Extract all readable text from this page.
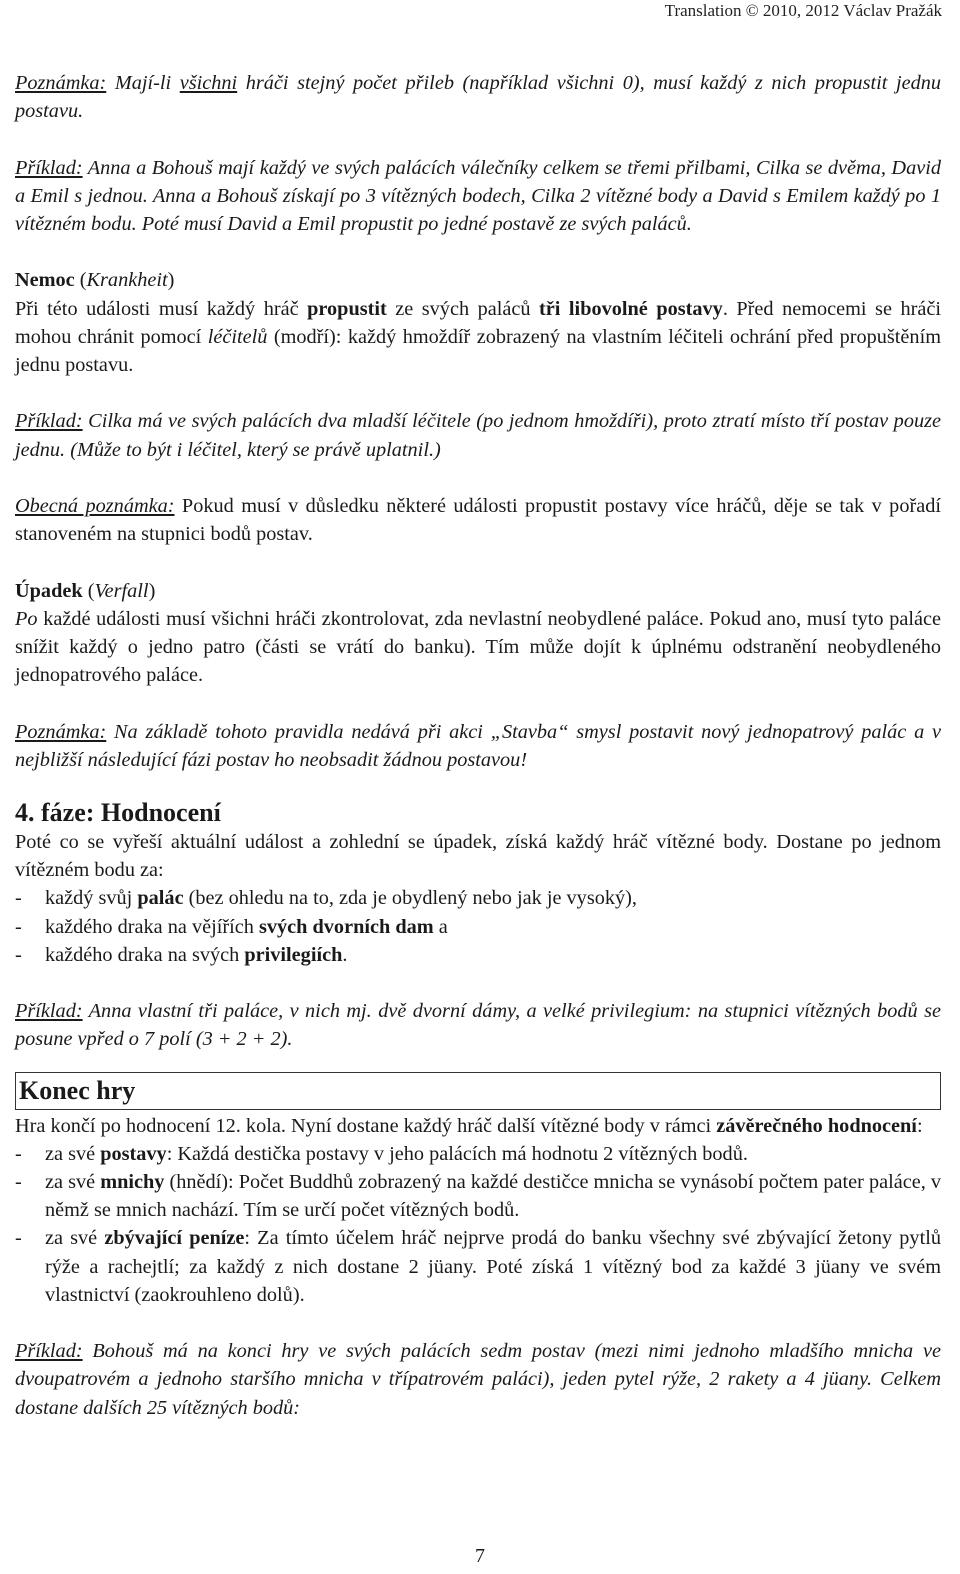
Translation © 2010, 2012 Václav Pražák

Poznámka: Mají-li všichni hráči stejný počet přileb (například všichni 0), musí každý z nich propustit jednu postavu.

Příklad: Anna a Bohouš mají každý ve svých palácích válečníky celkem se třemi přilbami, Cilka se dvěma, David a Emil s jednou. Anna a Bohouš získají po 3 vítězných bodech, Cilka 2 vítězné body a David s Emilem každý po 1 vítězném bodu. Poté musí David a Emil propustit po jedné postavě ze svých paláců.

Nemoc (Krankheit)

Při této události musí každý hráč propustit ze svých paláců tři libovolné postavy. Před nemocemi se hráči mohou chránit pomocí léčitelů (modří): každý hmoždíř zobrazený na vlastním léčiteli ochrání před propuštěním jednu postavu.

Příklad: Cilka má ve svých palácích dva mladší léčitele (po jednom hmoždíři), proto ztratí místo tří postav pouze jednu. (Může to být i léčitel, který se právě uplatnil.)

Obecná poznámka: Pokud musí v důsledku některé události propustit postavy více hráčů, děje se tak v pořadí stanoveném na stupnici bodů postav.

Úpadek (Verfall)

Po každé události musí všichni hráči zkontrolovat, zda nevlastní neobydlené paláce. Pokud ano, musí tyto paláce snížit každý o jedno patro (části se vrátí do banku). Tím může dojít k úplnému odstranění neobydleného jednopatrového paláce.

Poznámka: Na základě tohoto pravidla nedává při akci „Stavba“ smysl postavit nový jednopatrový palác a v nejbližší následující fázi postav ho neobsadit žádnou postavou!

4. fáze: Hodnocení

Poté co se vyřeší aktuální událost a zohlední se úpadek, získá každý hráč vítězné body. Dostane po jednom vítězném bodu za:

- každý svůj palác (bez ohledu na to, zda je obydlený nebo jak je vysoký),
- každého draka na vějířích svých dvorních dam a
- každého draka na svých privilegiích.

Příklad: Anna vlastní tři paláce, v nich mj. dvě dvorní dámy, a velké privilegium: na stupnici vítězných bodů se posune vpřed o 7 polí (3 + 2 + 2).

Konec hry

Hra končí po hodnocení 12. kola. Nyní dostane každý hráč další vítězné body v rámci závěrečného hodnocení:

- za své postavy: Každá destička postavy v jeho palácích má hodnotu 2 vítězných bodů.
- za své mnichy (hnědí): Počet Buddhů zobrazený na každé destičce mnicha se vynásobí počtem pater paláce, v němž se mnich nachází. Tím se určí počet vítězných bodů.
- za své zbývající peníze: Za tímto účelem hráč nejprve prodá do banku všechny své zbývající žetony pytlů rýže a rachejtlí; za každý z nich dostane 2 jüany. Poté získá 1 vítězný bod za každé 3 jüany ve svém vlastnictví (zaokrouhleno dolů).

Příklad: Bohouš má na konci hry ve svých palácích sedm postav (mezi nimi jednoho mladšího mnicha ve dvoupatrovém a jednoho staršího mnicha v třípatrovém paláci), jeden pytel rýže, 2 rakety a 4 jüany. Celkem dostane dalších 25 vítězných bodů:

7
